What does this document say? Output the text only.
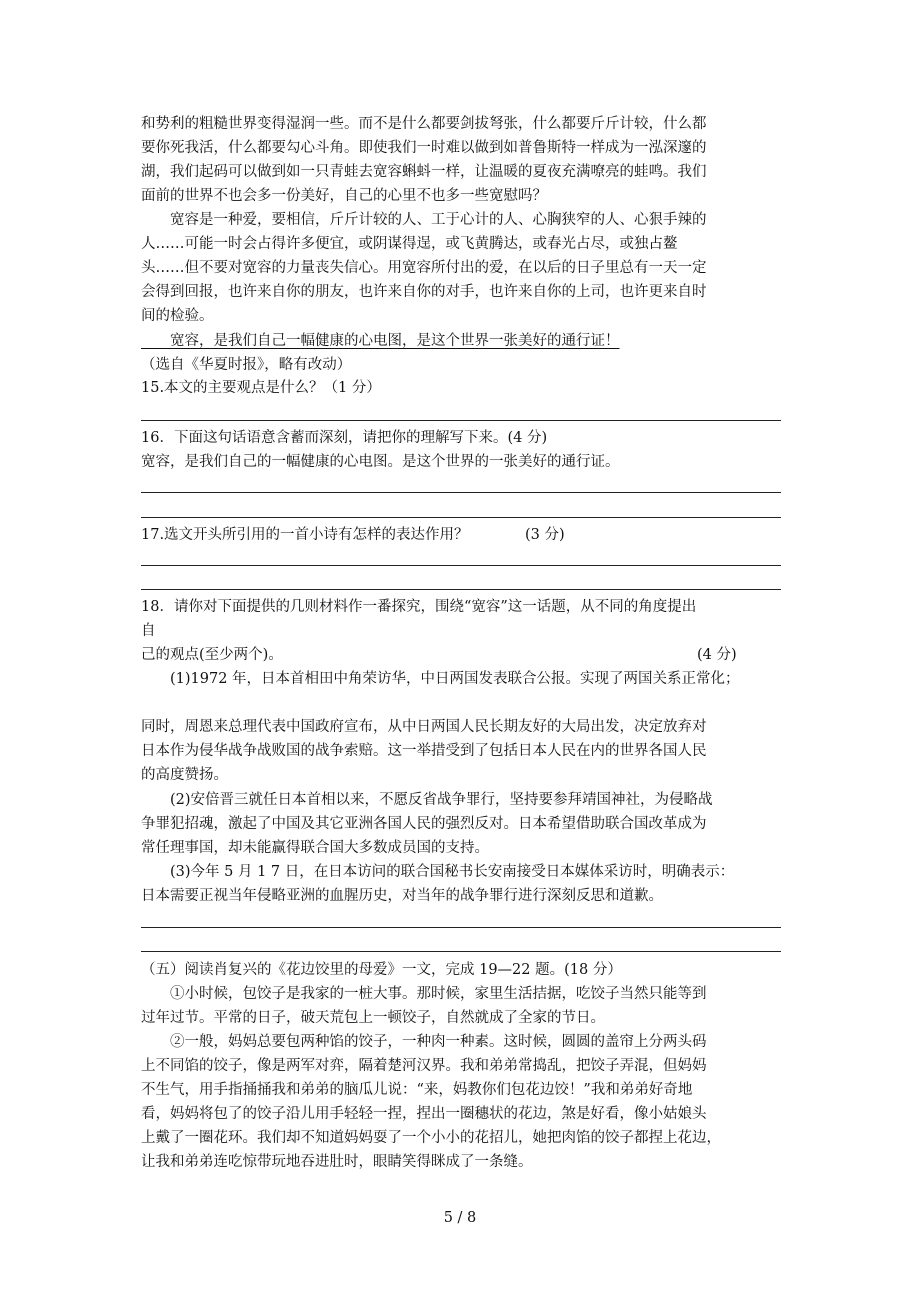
和势利的粗糙世界变得湿润一些。而不是什么都要剑拔弩张，什么都要斤斤计较，什么都

要你死我活，什么都要勾心斗角。即使我们一时难以做到如普鲁斯特一样成为一泓深邃的

湖，我们起码可以做到如一只青蛙去宽容蝌蚪一样，让温暖的夏夜充满嘹亮的蛙鸣。我们

面前的世界不也会多一份美好，自己的心里不也多一些宽慰吗？

　　宽容是一种爱，要相信，斤斤计较的人、工于心计的人、心胸狭窄的人、心狠手辣的

人……可能一时会占得许多便宜，或阴谋得逞，或飞黄腾达，或春光占尽，或独占鳌

头……但不要对宽容的力量丧失信心。用宽容所付出的爱，在以后的日子里总有一天一定

会得到回报，也许来自你的朋友，也许来自你的对手，也许来自你的上司，也许更来自时

间的检验。

　　宽容，是我们自己一幅健康的心电图，是这个世界一张美好的通行证！

（选自《华夏时报》，略有改动）

15.本文的主要观点是什么？（1 分）

16．下面这句话语意含蓄而深刻，请把你的理解写下来。(4 分)

宽容，是我们自己的一幅健康的心电图。是这个世界的一张美好的通行证。

17.选文开头所引用的一首小诗有怎样的表达作用？	(3 分)

18．请你对下面提供的几则材料作一番探究，围绕“宽容”这一话题，从不同的角度提出

自

己的观点(至少两个)。	(4 分)

　　(1)1972 年，日本首相田中角荣访华，中日两国发表联合公报。实现了两国关系正常化；

同时，周恩来总理代表中国政府宣布，从中日两国人民长期友好的大局出发，决定放弃对

日本作为侵华战争战败国的战争索赔。这一举措受到了包括日本人民在内的世界各国人民

的高度赞扬。

　　(2)安倍晋三就任日本首相以来，不愿反省战争罪行，坚持要参拜靖国神社，为侵略战

争罪犯招魂，激起了中国及其它亚洲各国人民的强烈反对。日本希望借助联合国改革成为

常任理事国，却未能赢得联合国大多数成员国的支持。

　　(3)今年 5 月 1 7 日，在日本访问的联合国秘书长安南接受日本媒体采访时，明确表示：

日本需要正视当年侵略亚洲的血腥历史，对当年的战争罪行进行深刻反思和道歉。

（五）阅读肖复兴的《花边饺里的母爱》一文，完成 19—22 题。(18 分）

　　①小时候，包饺子是我家的一桩大事。那时候，家里生活拮据，吃饺子当然只能等到

过年过节。平常的日子，破天荒包上一顿饺子，自然就成了全家的节日。

　　②一般，妈妈总要包两种馅的饺子，一种肉一种素。这时候，圆圆的盖帘上分两头码

上不同馅的饺子，像是两军对弈，隔着楚河汉界。我和弟弟常捣乱，把饺子弄混，但妈妈

不生气，用手指捅捅我和弟弟的脑瓜儿说：“来，妈教你们包花边饺！”我和弟弟好奇地

看，妈妈将包了的饺子沿儿用手轻轻一捏，捏出一圈穗状的花边，煞是好看，像小姑娘头

上戴了一圈花环。我们却不知道妈妈耍了一个小小的花招儿，她把肉馅的饺子都捏上花边，

让我和弟弟连吃惊带玩地吞进肚时，眼睛笑得眯成了一条缝。

5 / 8
